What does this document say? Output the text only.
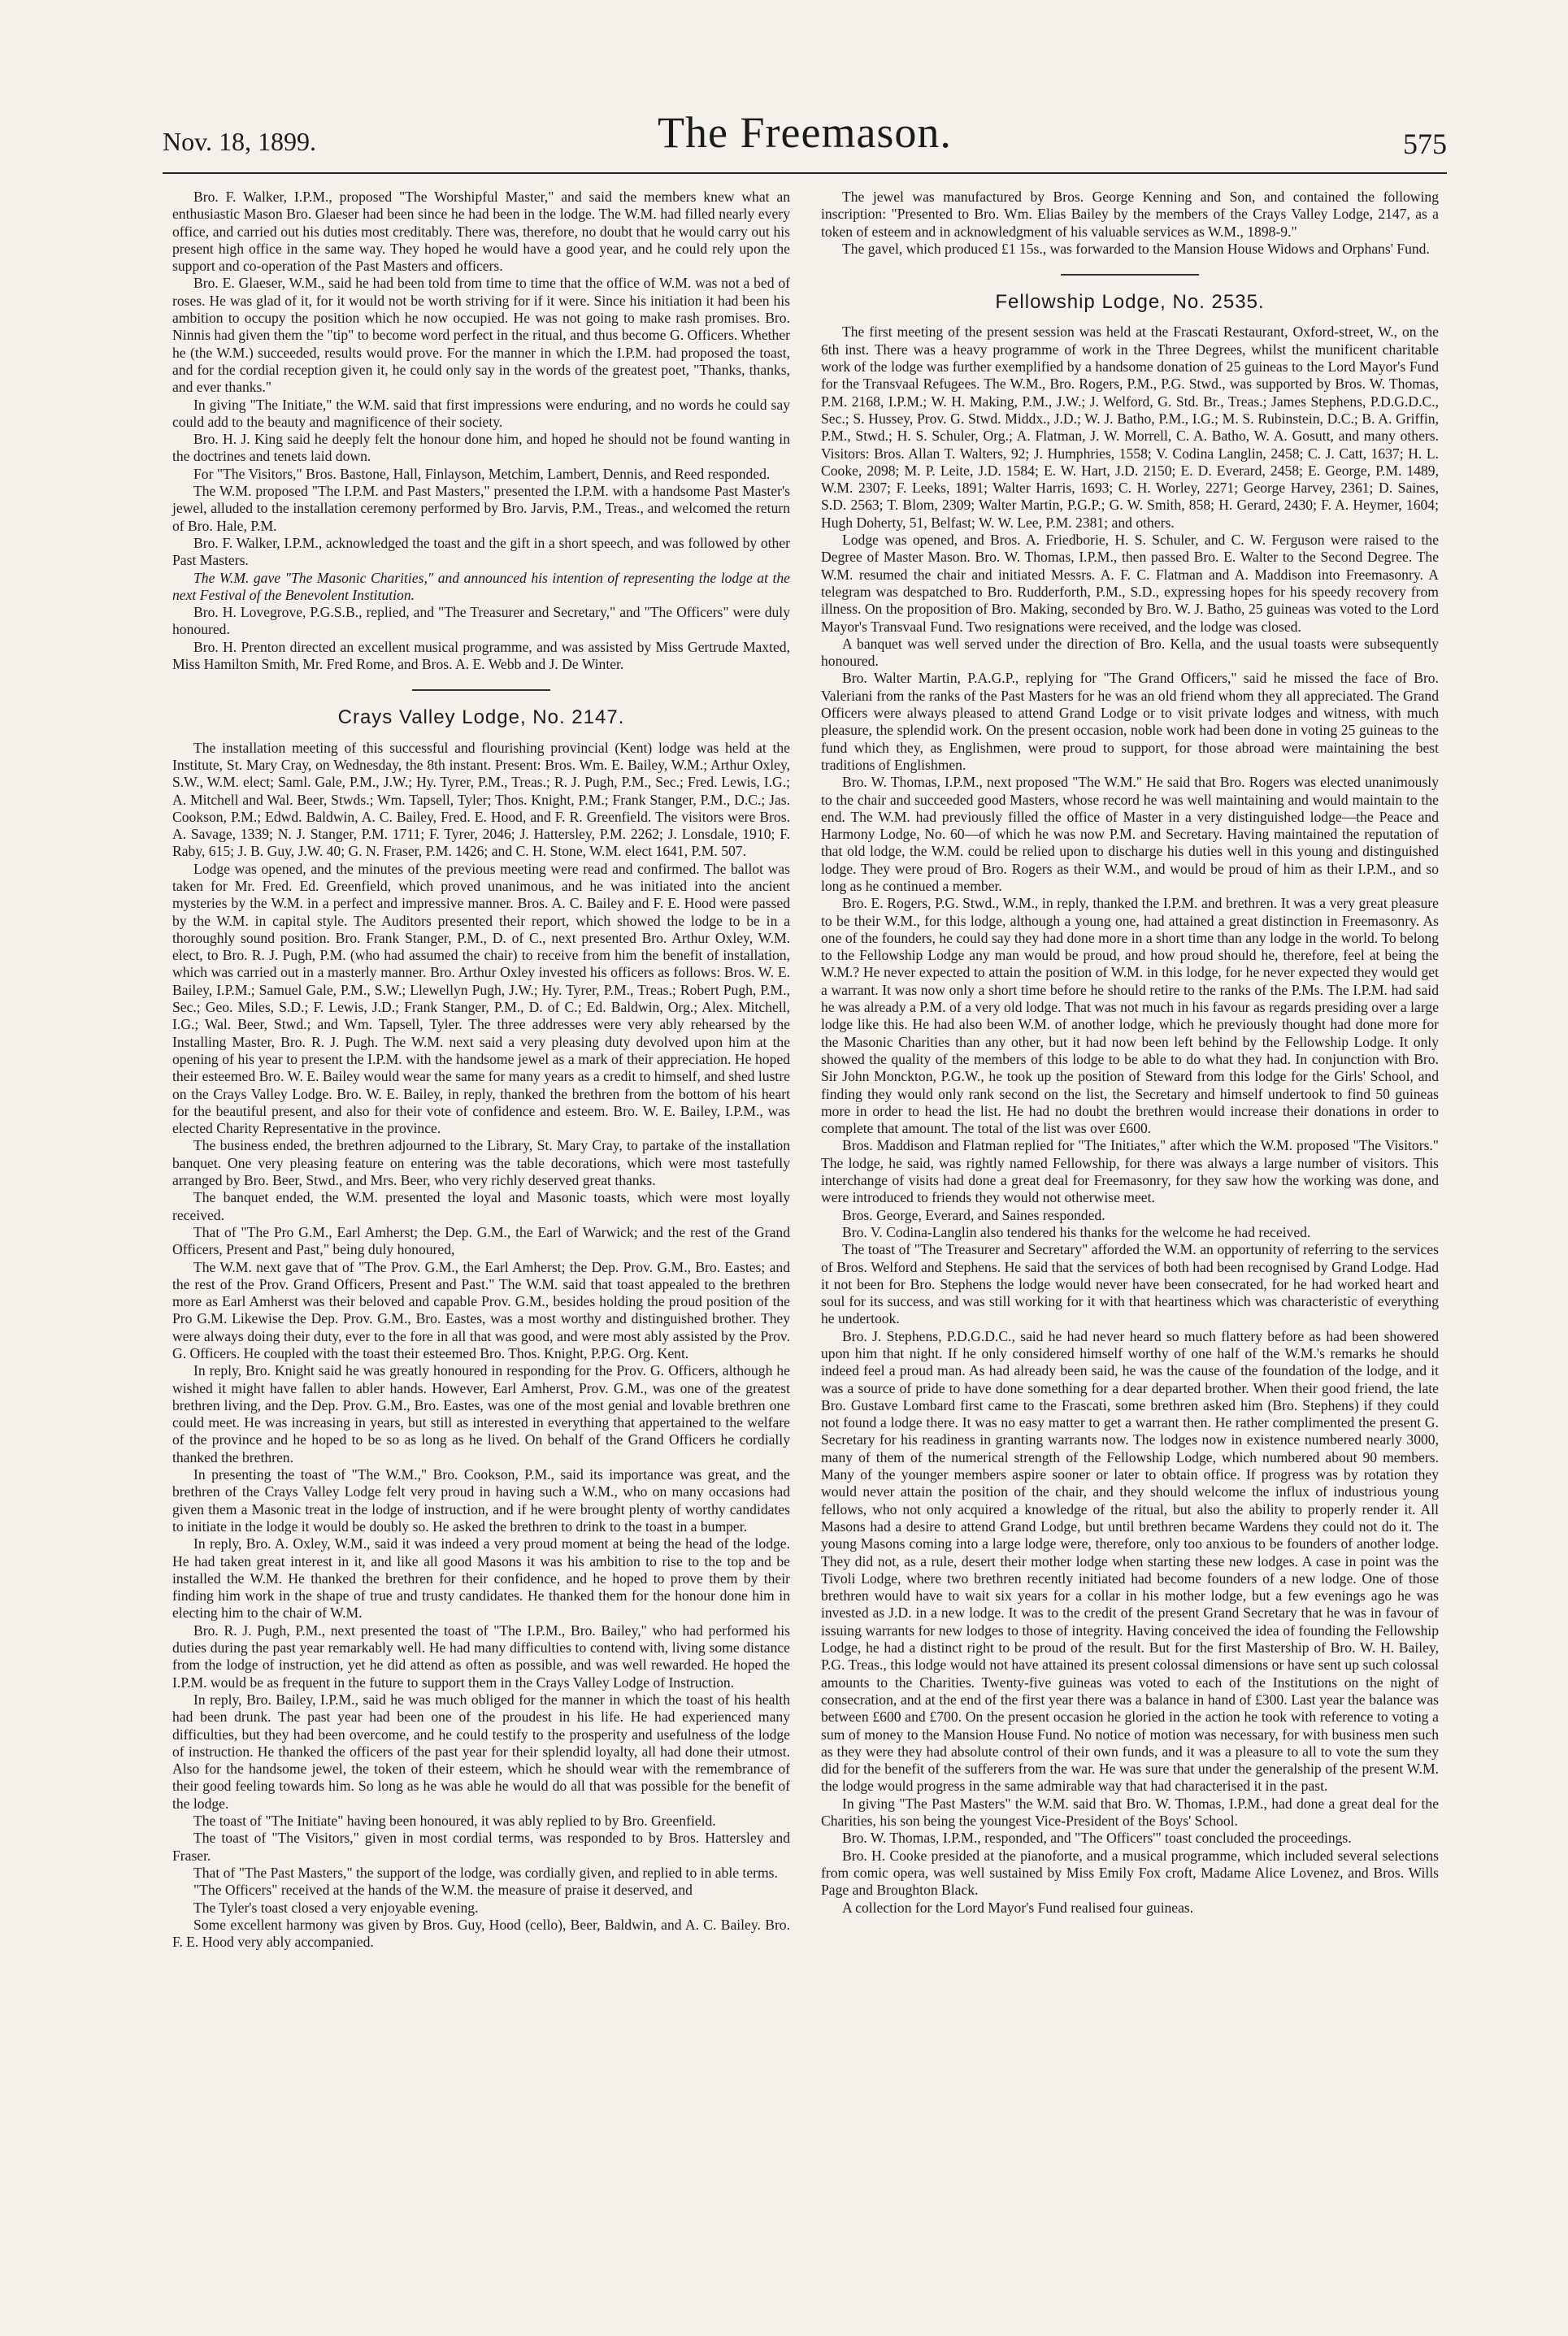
Nov. 18, 1899.	The Freemason.	575

Bro. F. Walker, I.P.M., proposed "The Worshipful Master," and said the members knew what an enthusiastic Mason Bro. Glaeser had been since he had been in the lodge. The W.M. had filled nearly every office, and carried out his duties most creditably. There was, therefore, no doubt that he would carry out his present high office in the same way. They hoped he would have a good year, and he could rely upon the support and co-operation of the Past Masters and officers.

Bro. E. Glaeser, W.M., said he had been told from time to time that the office of W.M. was not a bed of roses. He was glad of it, for it would not be worth striving for if it were. Since his initiation it had been his ambition to occupy the position which he now occupied. He was not going to make rash promises. Bro. Ninnis had given them the "tip" to become word perfect in the ritual, and thus become G. Officers. Whether he (the W.M.) succeeded, results would prove. For the manner in which the I.P.M. had proposed the toast, and for the cordial reception given it, he could only say in the words of the greatest poet, "Thanks, thanks, and ever thanks."

In giving "The Initiate," the W.M. said that first impressions were enduring, and no words he could say could add to the beauty and magnificence of their society.

Bro. H. J. King said he deeply felt the honour done him, and hoped he should not be found wanting in the doctrines and tenets laid down.

For "The Visitors," Bros. Bastone, Hall, Finlayson, Metchim, Lambert, Dennis, and Reed responded.

The W.M. proposed "The I.P.M. and Past Masters," presented the I.P.M. with a handsome Past Master's jewel, alluded to the installation ceremony performed by Bro. Jarvis, P.M., Treas., and welcomed the return of Bro. Hale, P.M.

Bro. F. Walker, I.P.M., acknowledged the toast and the gift in a short speech, and was followed by other Past Masters.

The W.M. gave "The Masonic Charities," and announced his intention of representing the lodge at the next Festival of the Benevolent Institution.

Bro. H. Lovegrove, P.G.S.B., replied, and "The Treasurer and Secretary," and "The Officers" were duly honoured.

Bro. H. Prenton directed an excellent musical programme, and was assisted by Miss Gertrude Maxted, Miss Hamilton Smith, Mr. Fred Rome, and Bros. A. E. Webb and J. De Winter.

Crays Valley Lodge, No. 2147.

The installation meeting of this successful and flourishing provincial (Kent) lodge was held at the Institute, St. Mary Cray, on Wednesday, the 8th instant. Present: Bros. Wm. E. Bailey, W.M.; Arthur Oxley, S.W., W.M. elect; Saml. Gale, P.M., J.W.; Hy. Tyrer, P.M., Treas.; R. J. Pugh, P.M., Sec.; Fred. Lewis, I.G.; A. Mitchell and Wal. Beer, Stwds.; Wm. Tapsell, Tyler; Thos. Knight, P.M.; Frank Stanger, P.M., D.C.; Jas. Cookson, P.M.; Edwd. Baldwin, A. C. Bailey, Fred. E. Hood, and F. R. Greenfield. The visitors were Bros. A. Savage, 1339; N. J. Stanger, P.M. 1711; F. Tyrer, 2046; J. Hattersley, P.M. 2262; J. Lonsdale, 1910; F. Raby, 615; J. B. Guy, J.W. 40; G. N. Fraser, P.M. 1426; and C. H. Stone, W.M. elect 1641, P.M. 507.

Lodge was opened, and the minutes of the previous meeting were read and confirmed. The ballot was taken for Mr. Fred. Ed. Greenfield, which proved unanimous, and he was initiated into the ancient mysteries by the W.M. in a perfect and impressive manner. Bros. A. C. Bailey and F. E. Hood were passed by the W.M. in capital style. The Auditors presented their report, which showed the lodge to be in a thoroughly sound position. Bro. Frank Stanger, P.M., D. of C., next presented Bro. Arthur Oxley, W.M. elect, to Bro. R. J. Pugh, P.M. (who had assumed the chair) to receive from him the benefit of installation, which was carried out in a masterly manner. Bro. Arthur Oxley invested his officers as follows: Bros. W. E. Bailey, I.P.M.; Samuel Gale, P.M., S.W.; Llewellyn Pugh, J.W.; Hy. Tyrer, P.M., Treas.; Robert Pugh, P.M., Sec.; Geo. Miles, S.D.; F. Lewis, J.D.; Frank Stanger, P.M., D. of C.; Ed. Baldwin, Org.; Alex. Mitchell, I.G.; Wal. Beer, Stwd.; and Wm. Tapsell, Tyler. The three addresses were very ably rehearsed by the Installing Master, Bro. R. J. Pugh. The W.M. next said a very pleasing duty devolved upon him at the opening of his year to present the I.P.M. with the handsome jewel as a mark of their appreciation. He hoped their esteemed Bro. W. E. Bailey would wear the same for many years as a credit to himself, and shed lustre on the Crays Valley Lodge. Bro. W. E. Bailey, in reply, thanked the brethren from the bottom of his heart for the beautiful present, and also for their vote of confidence and esteem. Bro. W. E. Bailey, I.P.M., was elected Charity Representative in the province.

The business ended, the brethren adjourned to the Library, St. Mary Cray, to partake of the installation banquet. One very pleasing feature on entering was the table decorations, which were most tastefully arranged by Bro. Beer, Stwd., and Mrs. Beer, who very richly deserved great thanks.

The banquet ended, the W.M. presented the loyal and Masonic toasts, which were most loyally received.

That of "The Pro G.M., Earl Amherst; the Dep. G.M., the Earl of Warwick; and the rest of the Grand Officers, Present and Past," being duly honoured,

The W.M. next gave that of "The Prov. G.M., the Earl Amherst; the Dep. Prov. G.M., Bro. Eastes; and the rest of the Prov. Grand Officers, Present and Past." The W.M. said that toast appealed to the brethren more as Earl Amherst was their beloved and capable Prov. G.M., besides holding the proud position of the Pro G.M. Likewise the Dep. Prov. G.M., Bro. Eastes, was a most worthy and distinguished brother. They were always doing their duty, ever to the fore in all that was good, and were most ably assisted by the Prov. G. Officers. He coupled with the toast their esteemed Bro. Thos. Knight, P.P.G. Org. Kent.

In reply, Bro. Knight said he was greatly honoured in responding for the Prov. G. Officers, although he wished it might have fallen to abler hands. However, Earl Amherst, Prov. G.M., was one of the greatest brethren living, and the Dep. Prov. G.M., Bro. Eastes, was one of the most genial and lovable brethren one could meet. He was increasing in years, but still as interested in everything that appertained to the welfare of the province and he hoped to be so as long as he lived. On behalf of the Grand Officers he cordially thanked the brethren.

In presenting the toast of "The W.M.," Bro. Cookson, P.M., said its importance was great, and the brethren of the Crays Valley Lodge felt very proud in having such a W.M., who on many occasions had given them a Masonic treat in the lodge of instruction, and if he were brought plenty of worthy candidates to initiate in the lodge it would be doubly so. He asked the brethren to drink to the toast in a bumper.

In reply, Bro. A. Oxley, W.M., said it was indeed a very proud moment at being the head of the lodge. He had taken great interest in it, and like all good Masons it was his ambition to rise to the top and be installed the W.M. He thanked the brethren for their confidence, and he hoped to prove them by their finding him work in the shape of true and trusty candidates. He thanked them for the honour done him in electing him to the chair of W.M.

Bro. R. J. Pugh, P.M., next presented the toast of "The I.P.M., Bro. Bailey," who had performed his duties during the past year remarkably well. He had many difficulties to contend with, living some distance from the lodge of instruction, yet he did attend as often as possible, and was well rewarded. He hoped the I.P.M. would be as frequent in the future to support them in the Crays Valley Lodge of Instruction.

In reply, Bro. Bailey, I.P.M., said he was much obliged for the manner in which the toast of his health had been drunk. The past year had been one of the proudest in his life. He had experienced many difficulties, but they had been overcome, and he could testify to the prosperity and usefulness of the lodge of instruction. He thanked the officers of the past year for their splendid loyalty, all had done their utmost. Also for the handsome jewel, the token of their esteem, which he should wear with the remembrance of their good feeling towards him. So long as he was able he would do all that was possible for the benefit of the lodge.

The toast of "The Initiate" having been honoured, it was ably replied to by Bro. Greenfield.

The toast of "The Visitors," given in most cordial terms, was responded to by Bros. Hattersley and Fraser.

That of "The Past Masters," the support of the lodge, was cordially given, and replied to in able terms.

"The Officers" received at the hands of the W.M. the measure of praise it deserved, and

The Tyler's toast closed a very enjoyable evening.

Some excellent harmony was given by Bros. Guy, Hood (cello), Beer, Baldwin, and A. C. Bailey. Bro. F. E. Hood very ably accompanied.

The jewel was manufactured by Bros. George Kenning and Son, and contained the following inscription: "Presented to Bro. Wm. Elias Bailey by the members of the Crays Valley Lodge, 2147, as a token of esteem and in acknowledgment of his valuable services as W.M., 1898-9."

The gavel, which produced £1 15s., was forwarded to the Mansion House Widows and Orphans' Fund.

Fellowship Lodge, No. 2535.

The first meeting of the present session was held at the Frascati Restaurant, Oxford-street, W., on the 6th inst. There was a heavy programme of work in the Three Degrees, whilst the munificent charitable work of the lodge was further exemplified by a handsome donation of 25 guineas to the Lord Mayor's Fund for the Transvaal Refugees. The W.M., Bro. Rogers, P.M., P.G. Stwd., was supported by Bros. W. Thomas, P.M. 2168, I.P.M.; W. H. Making, P.M., J.W.; J. Welford, G. Std. Br., Treas.; James Stephens, P.D.G.D.C., Sec.; S. Hussey, Prov. G. Stwd. Middx., J.D.; W. J. Batho, P.M., I.G.; M. S. Rubinstein, D.C.; B. A. Griffin, P.M., Stwd.; H. S. Schuler, Org.; A. Flatman, J. W. Morrell, C. A. Batho, W. A. Gosutt, and many others. Visitors: Bros. Allan T. Walters, 92; J. Humphries, 1558; V. Codina Langlin, 2458; C. J. Catt, 1637; H. L. Cooke, 2098; M. P. Leite, J.D. 1584; E. W. Hart, J.D. 2150; E. D. Everard, 2458; E. George, P.M. 1489, W.M. 2307; F. Leeks, 1891; Walter Harris, 1693; C. H. Worley, 2271; George Harvey, 2361; D. Saines, S.D. 2563; T. Blom, 2309; Walter Martin, P.G.P.; G. W. Smith, 858; H. Gerard, 2430; F. A. Heymer, 1604; Hugh Doherty, 51, Belfast; W. W. Lee, P.M. 2381; and others.

Lodge was opened, and Bros. A. Friedborie, H. S. Schuler, and C. W. Ferguson were raised to the Degree of Master Mason. Bro. W. Thomas, I.P.M., then passed Bro. E. Walter to the Second Degree. The W.M. resumed the chair and initiated Messrs. A. F. C. Flatman and A. Maddison into Freemasonry. A telegram was despatched to Bro. Rudderforth, P.M., S.D., expressing hopes for his speedy recovery from illness. On the proposition of Bro. Making, seconded by Bro. W. J. Batho, 25 guineas was voted to the Lord Mayor's Transvaal Fund. Two resignations were received, and the lodge was closed.

A banquet was well served under the direction of Bro. Kella, and the usual toasts were subsequently honoured.

Bro. Walter Martin, P.A.G.P., replying for "The Grand Officers," said he missed the face of Bro. Valeriani from the ranks of the Past Masters for he was an old friend whom they all appreciated. The Grand Officers were always pleased to attend Grand Lodge or to visit private lodges and witness, with much pleasure, the splendid work. On the present occasion, noble work had been done in voting 25 guineas to the fund which they, as Englishmen, were proud to support, for those abroad were maintaining the best traditions of Englishmen.

Bro. W. Thomas, I.P.M., next proposed "The W.M." He said that Bro. Rogers was elected unanimously to the chair and succeeded good Masters, whose record he was well maintaining and would maintain to the end. The W.M. had previously filled the office of Master in a very distinguished lodge—the Peace and Harmony Lodge, No. 60—of which he was now P.M. and Secretary. Having maintained the reputation of that old lodge, the W.M. could be relied upon to discharge his duties well in this young and distinguished lodge. They were proud of Bro. Rogers as their W.M., and would be proud of him as their I.P.M., and so long as he continued a member.

Bro. E. Rogers, P.G. Stwd., W.M., in reply, thanked the I.P.M. and brethren. It was a very great pleasure to be their W.M., for this lodge, although a young one, had attained a great distinction in Freemasonry. As one of the founders, he could say they had done more in a short time than any lodge in the world. To belong to the Fellowship Lodge any man would be proud, and how proud should he, therefore, feel at being the W.M.? He never expected to attain the position of W.M. in this lodge, for he never expected they would get a warrant. It was now only a short time before he should retire to the ranks of the P.Ms. The I.P.M. had said he was already a P.M. of a very old lodge. That was not much in his favour as regards presiding over a large lodge like this. He had also been W.M. of another lodge, which he previously thought had done more for the Masonic Charities than any other, but it had now been left behind by the Fellowship Lodge. It only showed the quality of the members of this lodge to be able to do what they had. In conjunction with Bro. Sir John Monckton, P.G.W., he took up the position of Steward from this lodge for the Girls' School, and finding they would only rank second on the list, the Secretary and himself undertook to find 50 guineas more in order to head the list. He had no doubt the brethren would increase their donations in order to complete that amount. The total of the list was over £600.

Bros. Maddison and Flatman replied for "The Initiates," after which the W.M. proposed "The Visitors." The lodge, he said, was rightly named Fellowship, for there was always a large number of visitors. This interchange of visits had done a great deal for Freemasonry, for they saw how the working was done, and were introduced to friends they would not otherwise meet.

Bros. George, Everard, and Saines responded.

Bro. V. Codina-Langlin also tendered his thanks for the welcome he had received.

The toast of "The Treasurer and Secretary" afforded the W.M. an opportunity of referring to the services of Bros. Welford and Stephens. He said that the services of both had been recognised by Grand Lodge. Had it not been for Bro. Stephens the lodge would never have been consecrated, for he had worked heart and soul for its success, and was still working for it with that heartiness which was characteristic of everything he undertook.

Bro. J. Stephens, P.D.G.D.C., said he had never heard so much flattery before as had been showered upon him that night. If he only considered himself worthy of one half of the W.M.'s remarks he should indeed feel a proud man. As had already been said, he was the cause of the foundation of the lodge, and it was a source of pride to have done something for a dear departed brother. When their good friend, the late Bro. Gustave Lombard first came to the Frascati, some brethren asked him (Bro. Stephens) if they could not found a lodge there. It was no easy matter to get a warrant then. He rather complimented the present G. Secretary for his readiness in granting warrants now. The lodges now in existence numbered nearly 3000, many of them of the numerical strength of the Fellowship Lodge, which numbered about 90 members. Many of the younger members aspire sooner or later to obtain office. If progress was by rotation they would never attain the position of the chair, and they should welcome the influx of industrious young fellows, who not only acquired a knowledge of the ritual, but also the ability to properly render it. All Masons had a desire to attend Grand Lodge, but until brethren became Wardens they could not do it. The young Masons coming into a large lodge were, therefore, only too anxious to be founders of another lodge. They did not, as a rule, desert their mother lodge when starting these new lodges. A case in point was the Tivoli Lodge, where two brethren recently initiated had become founders of a new lodge. One of those brethren would have to wait six years for a collar in his mother lodge, but a few evenings ago he was invested as J.D. in a new lodge. It was to the credit of the present Grand Secretary that he was in favour of issuing warrants for new lodges to those of integrity. Having conceived the idea of founding the Fellowship Lodge, he had a distinct right to be proud of the result. But for the first Mastership of Bro. W. H. Bailey, P.G. Treas., this lodge would not have attained its present colossal dimensions or have sent up such colossal amounts to the Charities. Twenty-five guineas was voted to each of the Institutions on the night of consecration, and at the end of the first year there was a balance in hand of £300. Last year the balance was between £600 and £700. On the present occasion he gloried in the action he took with reference to voting a sum of money to the Mansion House Fund. No notice of motion was necessary, for with business men such as they were they had absolute control of their own funds, and it was a pleasure to all to vote the sum they did for the benefit of the sufferers from the war. He was sure that under the generalship of the present W.M. the lodge would progress in the same admirable way that had characterised it in the past.

In giving "The Past Masters" the W.M. said that Bro. W. Thomas, I.P.M., had done a great deal for the Charities, his son being the youngest Vice-President of the Boys' School.

Bro. W. Thomas, I.P.M., responded, and "The Officers'" toast concluded the proceedings.

Bro. H. Cooke presided at the pianoforte, and a musical programme, which included several selections from comic opera, was well sustained by Miss Emily Fox croft, Madame Alice Lovenez, and Bros. Wills Page and Broughton Black.

A collection for the Lord Mayor's Fund realised four guineas.
